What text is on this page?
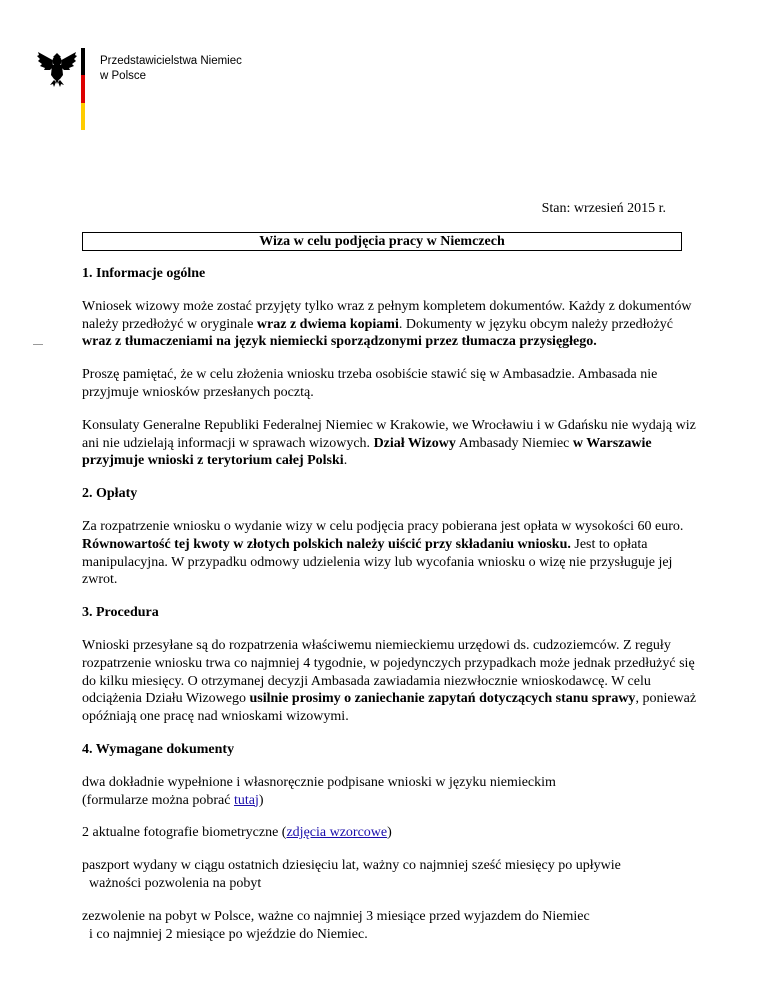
Przedstawicielstwa Niemiec
w Polsce
Stan: wrzesień 2015 r.
Wiza w celu podjęcia pracy w Niemczech
1. Informacje ogólne

Wniosek wizowy może zostać przyjęty tylko wraz z pełnym kompletem dokumentów. Każdy z dokumentów należy przedłożyć w oryginale wraz z dwiema kopiami. Dokumenty w języku obcym należy przedłożyć wraz z tłumaczeniami na język niemiecki sporządzonymi przez tłumacza przysięgłego.

Proszę pamiętać, że w celu złożenia wniosku trzeba osobiście stawić się w Ambasadzie. Ambasada nie przyjmuje wniosków przesłanych pocztą.

Konsulaty Generalne Republiki Federalnej Niemiec w Krakowie, we Wrocławiu i w Gdańsku nie wydają wiz ani nie udzielają informacji w sprawach wizowych. Dział Wizowy Ambasady Niemiec w Warszawie przyjmuje wnioski z terytorium całej Polski.

2. Opłaty

Za rozpatrzenie wniosku o wydanie wizy w celu podjęcia pracy pobierana jest opłata w wysokości 60 euro. Równowartość tej kwoty w złotych polskich należy uiścić przy składaniu wniosku. Jest to opłata manipulacyjna. W przypadku odmowy udzielenia wizy lub wycofania wniosku o wizę nie przysługuje jej zwrot.

3. Procedura

Wnioski przesyłane są do rozpatrzenia właściwemu niemieckiemu urzędowi ds. cudzoziemców. Z reguły rozpatrzenie wniosku trwa co najmniej 4 tygodnie, w pojedynczych przypadkach może jednak przedłużyć się do kilku miesięcy. O otrzymanej decyzji Ambasada zawiadamia niezwłocznie wnioskodawcę. W celu odciążenia Działu Wizowego usilnie prosimy o zaniechanie zapytań dotyczących stanu sprawy, ponieważ opóźniają one pracę nad wnioskami wizowymi.

4. Wymagane dokumenty
dwa dokładnie wypełnione i własnoręcznie podpisane wnioski w języku niemieckim
(formularze można pobrać tutaj)
2 aktualne fotografie biometryczne (zdjęcia wzorcowe)
paszport wydany w ciągu ostatnich dziesięciu lat, ważny co najmniej sześć miesięcy po upływie
ważności pozwolenia na pobyt
zezwolenie na pobyt w Polsce, ważne co najmniej 3 miesiące przed wyjazdem do Niemiec
i co najmniej 2 miesiące po wjeździe do Niemiec.
